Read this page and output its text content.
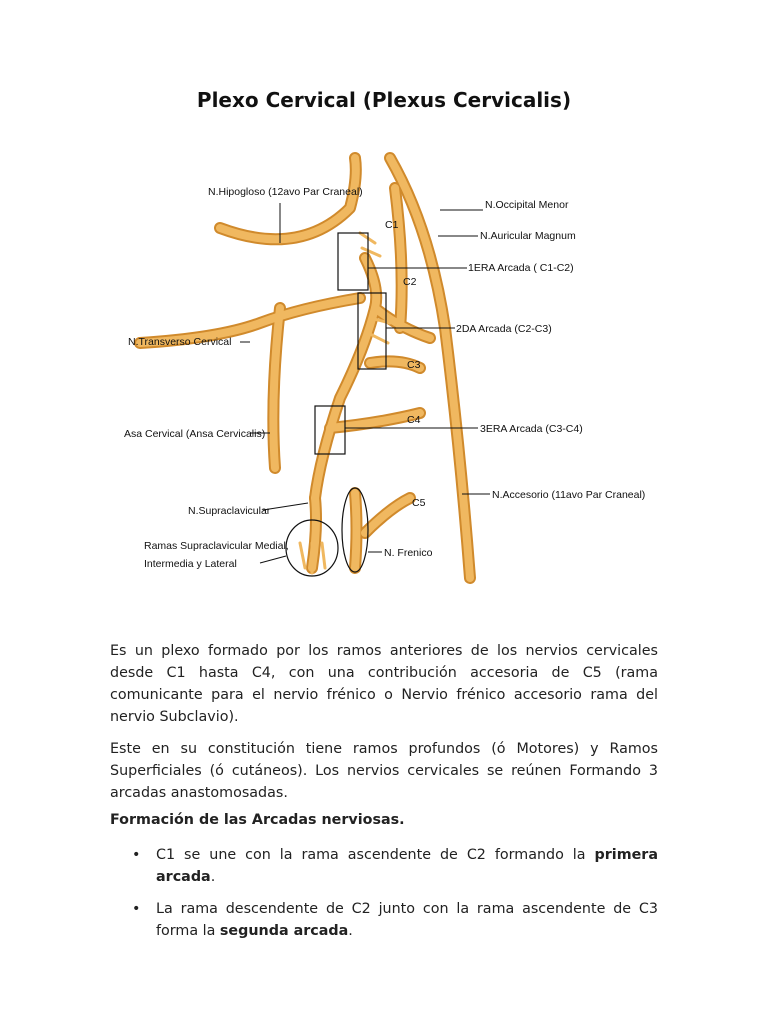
Plexo Cervical (Plexus Cervicalis)
N.Hipogloso (12avo Par Craneal)
C1
C2
C3
C4
C5
N.Occipital Menor
N.Auricular Magnum
1ERA Arcada ( C1-C2)
2DA Arcada (C2-C3)
3ERA Arcada (C3-C4)
N.Transverso Cervical
Asa Cervical (Ansa Cervicalis)
N.Supraclavicular
N.Accesorio (11avo Par Craneal)
Ramas Supraclavicular Medial,
Intermedia y Lateral
N. Frenico

Es un plexo formado por los ramos anteriores de los nervios cervicales desde C1 hasta C4, con una contribución accesoria de C5 (rama comunicante para el nervio frénico o Nervio frénico accesorio rama del nervio Subclavio).

Este en su constitución tiene ramos profundos (ó Motores) y Ramos Superficiales (ó cutáneos). Los nervios cervicales se reúnen Formando 3 arcadas anastomosadas.

Formación de las Arcadas nerviosas.

• C1 se une con la rama ascendente de C2 formando la primera arcada.
• La rama descendente de C2 junto con la rama ascendente de C3 forma la segunda arcada.
